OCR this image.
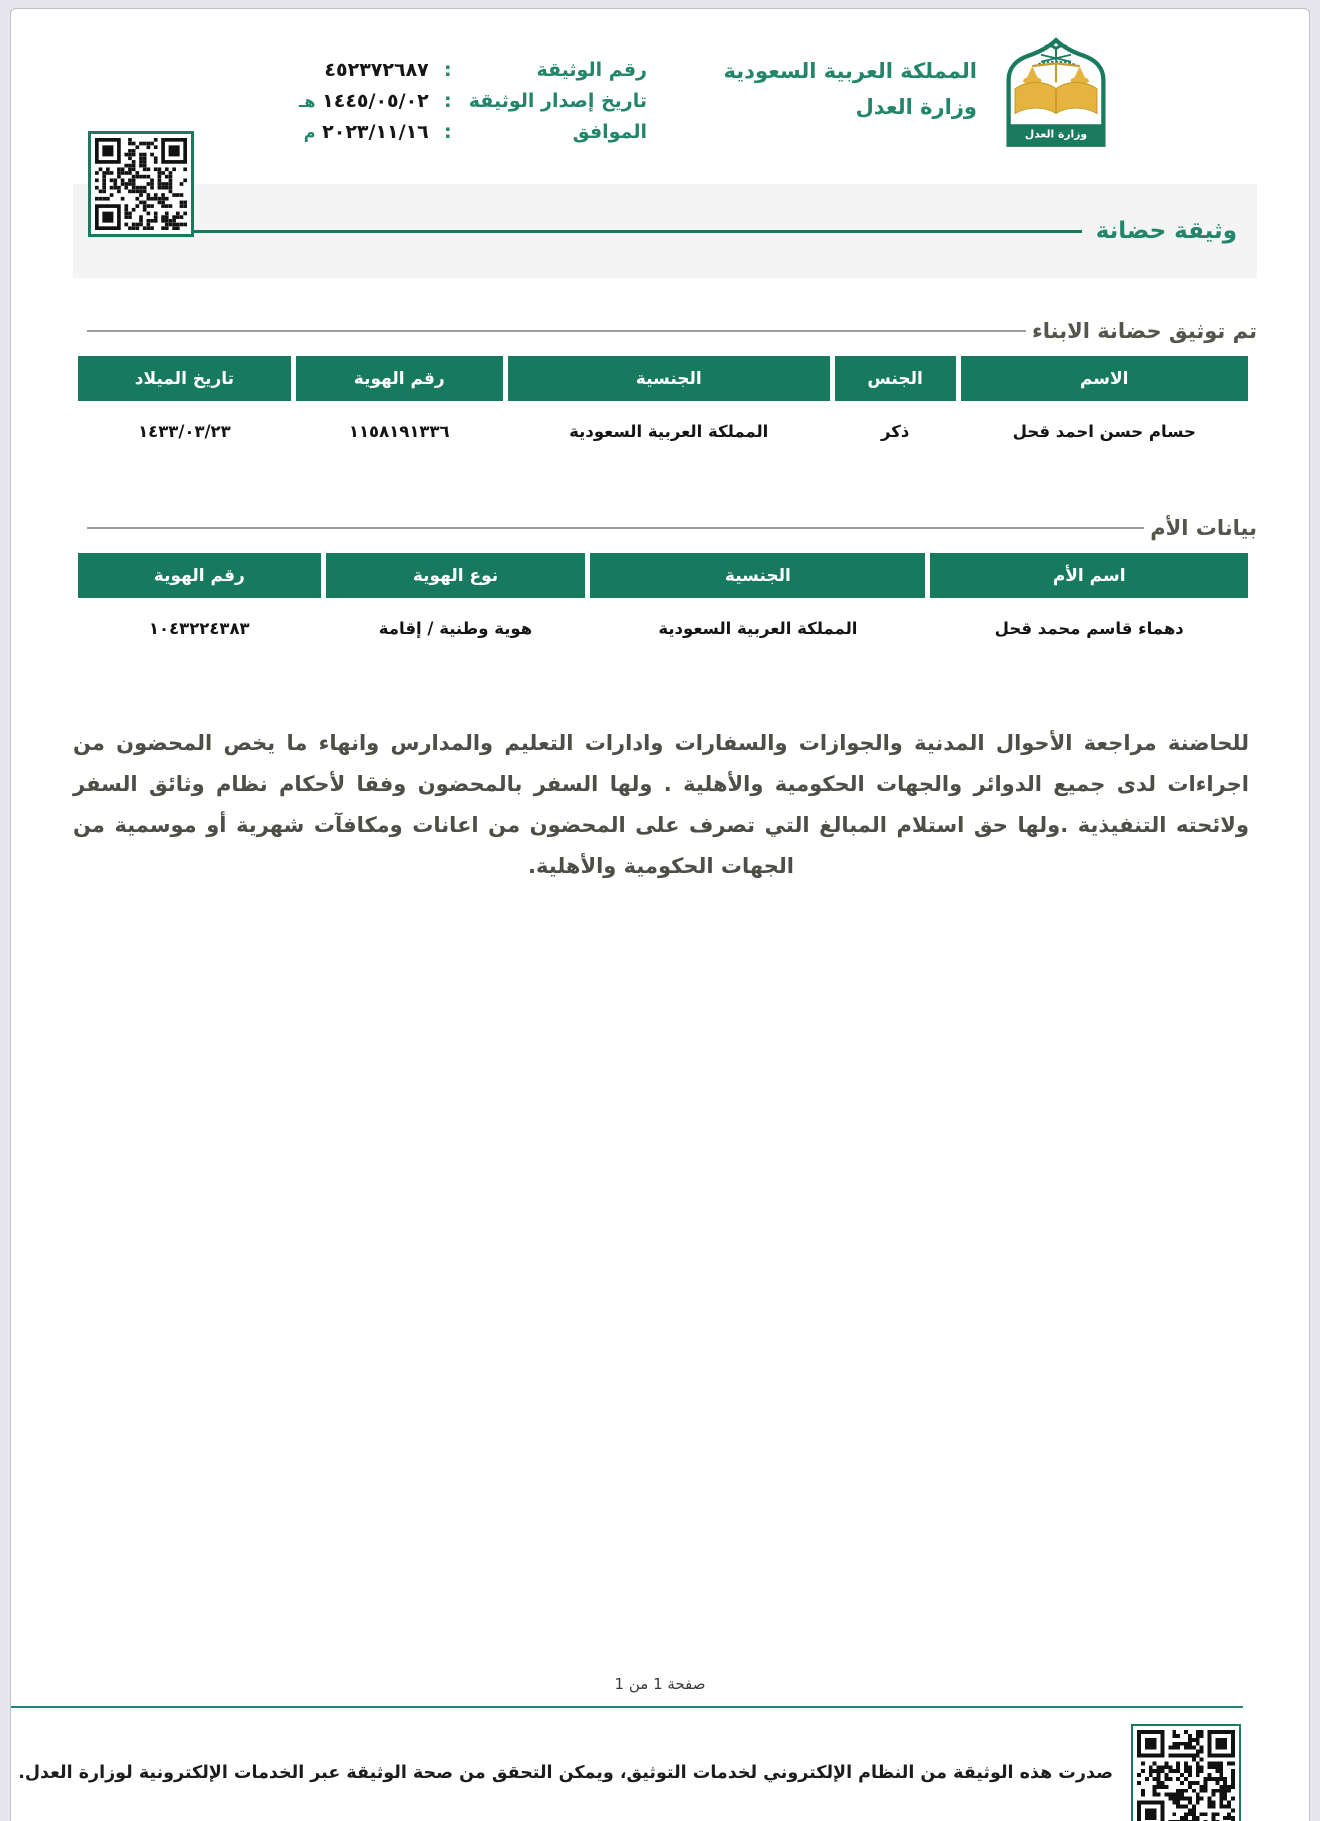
وزارة العدل
المملكة العربية السعودية
وزارة العدل
رقم الوثيقة
:
٤٥٢٣٧٢٦٨٧
تاريخ إصدار الوثيقة
:
١٤٤٥/٠٥/٠٢ هـ
الموافق
:
٢٠٢٣/١١/١٦ م
وثيقة حضانة
تم توثيق حضانة الابناء
الاسم	الجنس	الجنسية	رقم الهوية	تاريخ الميلاد
حسام حسن احمد قحل	ذكر	المملكة العربية السعودية	١١٥٨١٩١٣٣٦	١٤٣٣/٠٣/٢٣
بيانات الأم
اسم الأم	الجنسية	نوع الهوية	رقم الهوية
دهماء قاسم محمد قحل	المملكة العربية السعودية	هوية وطنية / إقامة	١٠٤٣٢٢٤٣٨٣
للحاضنة مراجعة الأحوال المدنية والجوازات والسفارات وادارات التعليم والمدارس وانهاء ما يخص المحضون من اجراءات لدى جميع الدوائر والجهات الحكومية والأهلية . ولها السفر بالمحضون وفقا لأحكام نظام وثائق السفر ولائحته التنفيذية .ولها حق استلام المبالغ التي تصرف على المحضون من اعانات ومكافآت شهرية أو موسمية من الجهات الحكومية والأهلية.
صفحة 1 من 1
صدرت هذه الوثيقة من النظام الإلكتروني لخدمات التوثيق، ويمكن التحقق من صحة الوثيقة عبر الخدمات الإلكترونية لوزارة العدل.
